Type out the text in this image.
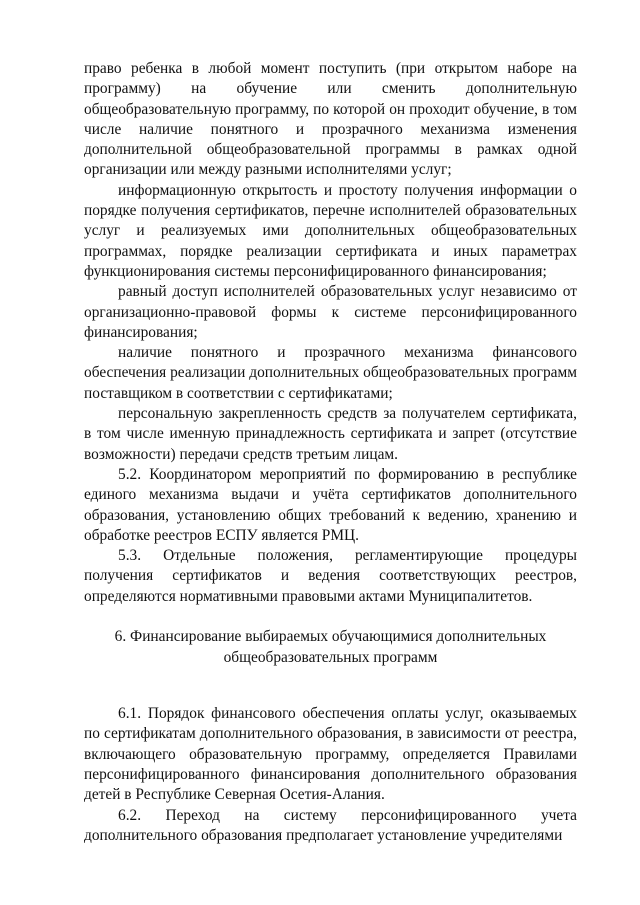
право ребенка в любой момент поступить (при открытом наборе на программу) на обучение или сменить дополнительную общеобразовательную программу, по которой он проходит обучение, в том числе наличие понятного и прозрачного механизма изменения дополнительной общеобразовательной программы в рамках одной организации или между разными исполнителями услуг;

информационную открытость и простоту получения информации о порядке получения сертификатов, перечне исполнителей образовательных услуг и реализуемых ими дополнительных общеобразовательных программах, порядке реализации сертификата и иных параметрах функционирования системы персонифицированного финансирования;

равный доступ исполнителей образовательных услуг независимо от организационно-правовой формы к системе персонифицированного финансирования;

наличие понятного и прозрачного механизма финансового обеспечения реализации дополнительных общеобразовательных программ поставщиком в соответствии с сертификатами;

персональную закрепленность средств за получателем сертификата, в том числе именную принадлежность сертификата и запрет (отсутствие возможности) передачи средств третьим лицам.

5.2. Координатором мероприятий по формированию в республике единого механизма выдачи и учёта сертификатов дополнительного образования, установлению общих требований к ведению, хранению и обработке реестров ЕСПУ является РМЦ.

5.3. Отдельные положения, регламентирующие процедуры получения сертификатов и ведения соответствующих реестров, определяются нормативными правовыми актами Муниципалитетов.

6. Финансирование выбираемых обучающимися дополнительных
общеобразовательных программ

6.1. Порядок финансового обеспечения оплаты услуг, оказываемых по сертификатам дополнительного образования, в зависимости от реестра, включающего образовательную программу, определяется Правилами персонифицированного финансирования дополнительного образования детей в Республике Северная Осетия-Алания.

6.2. Переход на систему персонифицированного учета дополнительного образования предполагает установление учредителями
